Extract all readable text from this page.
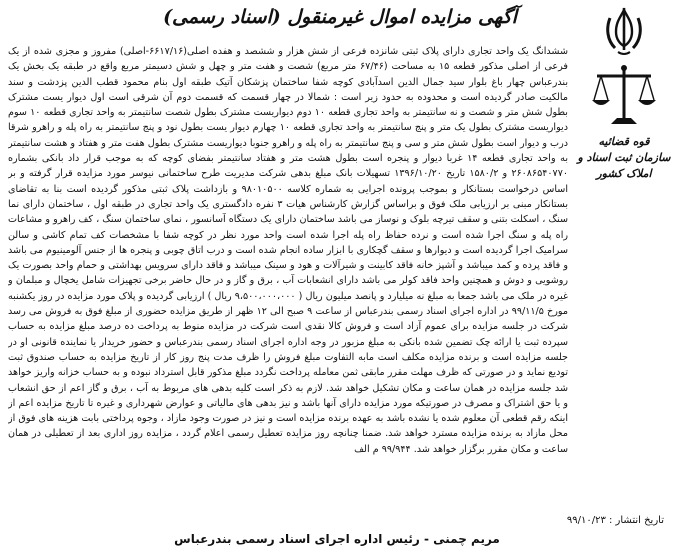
آگهی مزایده اموال غیرمنقول (اسناد رسمی)
قوه قضائیه
سازمان ثبت اسناد و املاک کشور
ششدانگ یک واحد تجاری دارای پلاک ثبتی شانزده فرعی از شش هزار و ششصد و هفده اصلی(۶۶۱۷/۱۶-اصلی) مفروز و مجزی شده از یک فرعی از اصلی مذکور قطعه ۱۵ به مساحت (۶۷/۴۶ متر مربع) شصت و هفت متر و چهل و شش دسیمتر مربع واقع در طبقه یک بخش یک بندرعباس چهار باغ بلوار سید جمال الدین اسدآبادی کوچه شفا ساختمان پزشکان آتیک طبقه اول بنام محمود قطب الدین پزدشت و سند مالکیت صادر گردیده است و محدوده به حدود زیر است : شمالا در چهار قسمت که قسمت دوم آن شرقی است اول دیوار یست مشترک بطول شش متر و شصت و نه سانتیمتر به واحد تجاری قطعه ۱۰ دوم دیواریست مشترک بطول شصت سانتیمتر به واحد تجاری قطعه ۱۰ سوم دیواریست مشترک بطول یک متر و پنج سانتیمتر به واحد تجاری قطعه ۱۰ چهارم دیوار یست بطول نود و پنج سانتیمتر به راه پله و راهرو شرقا درب و دیوار است بطول شش متر و سی و پنج سانتیمتر به راه پله و راهرو جنوبا دیواریست مشترک بطول هفت متر و هفتاد و هشت سانتیمتر به واحد تجاری قطعه ۱۴ غربا دیوار و پنجره است بطول هشت متر و هفتاد سانتیمتر بفضای کوچه که به موجب قرار داد بانکی بشماره ۲۶۰۸۶۵۴۰۷۷۰ و ۱۵۸۰/۲ تاریخ ۱۳۹۶/۱۰/۲۰ تسهیلات بانک مبلغ بدهی شرکت مدیریت طرح ساختمانی نیوسر مورد مزایده قرار گرفته و بر اساس درخواست بستانکار و بموجب پرونده اجرایی به شماره کلاسه ۹۸۰۱۰۵۰۰ و بازداشت پلاک ثبتی مذکور گردیده است بنا به تقاضای بستانکار مبنی بر ارزیابی ملک فوق و براساس گزارش کارشناس هیات ۳ نفره دادگستری یک واحد تجاری در طبقه اول ، ساختمان دارای نما سنگ ، اسکلت بتنی و سقف تیرچه بلوک و نوساز می باشد ساختمان دارای یک دستگاه آسانسور ، نمای ساختمان سنگ ، کف راهرو و مشاعات راه پله و سنگ اجرا شده است و نرده حفاظ راه پله اجرا شده است واحد مورد نظر در کوچه شفا با مشخصات کف تمام کاشی و سالن سرامیک اجرا گردیده است و دیوارها و سقف گچکاری با ابزار ساده انجام شده است و درب اتاق چوبی و پنجره ها از جنس آلومینیوم می باشد و فاقد پرده و کمد میباشد و آشپز خانه فاقد کابینت و شیرآلات و هود و سینک میباشد و فاقد دارای سرویس بهداشتی و حمام واحد بصورت یک روشویی و دوش و همچنین واحد فاقد کولر می باشد دارای انشعابات آب ، برق و گاز و در حال حاضر برخی تجهیزات شامل یخچال و مبلمان و غیره در ملک می باشد جمعا به مبلغ نه میلیارد و پانصد میلیون ریال ( ۹،۵۰۰،۰۰۰،۰۰۰ ریال ) ارزیابی گردیده و پلاک مورد مزایده در روز یکشنبه مورخ ۹۹/۱۱/۵ در اداره اجرای اسناد رسمی بندرعباس از ساعت ۹ صبح الی ۱۲ ظهر از طریق مزایده حضوری از مبلغ فوق به فروش می رسد شرکت در جلسه مزایده برای عموم آزاد است و فروش کالا نقدی است شرکت در مزایده منوط به پرداخت ده درصد مبلغ مزایده به حساب سپرده ثبت یا ارائه چک تضمین شده بانکی به مبلغ مزبور در وجه اداره اجرای اسناد رسمی بندرعباس و حضور خریدار یا نماینده قانونی او در جلسه مزایده است و برنده مزایده مکلف است مابه التفاوت مبلغ فروش را ظرف مدت پنج روز کار از تاریخ مزایده به حساب صندوق ثبت تودیع نماید و در صورتی که ظرف مهلت مقرر مابقی ثمن معامله پرداخت نگردد مبلغ مذکور قابل استرداد نبوده و به حساب خزانه واریز خواهد شد جلسه مزایده در همان ساعت و مکان تشکیل خواهد شد. لازم به ذکر است کلیه بدهی های مربوط به آب ، برق و گاز اعم از حق انشعاب و یا حق اشتراک و مصرف در صورتیکه مورد مزایده دارای آنها باشد و نیز بدهی های مالیاتی و عوارض شهرداری و غیره تا تاریخ مزایده اعم از اینکه رقم قطعی آن معلوم شده یا نشده باشد به عهده برنده مزایده است و نیز در صورت وجود مازاد ، وجوه پرداختی بابت هزینه های فوق از محل مازاد به برنده مزایده مسترد خواهد شد. ضمنا چنانچه روز مزایده تعطیل رسمی اعلام گردد ، مزایده روز اداری بعد از تعطیلی در همان ساعت و مکان مقرر برگزار خواهد شد. ۹۹/۹۴۴ م الف
تاریخ انتشار : ۹۹/۱۰/۲۳
مریم چمنی - رئیس اداره اجرای اسناد رسمی بندرعباس
